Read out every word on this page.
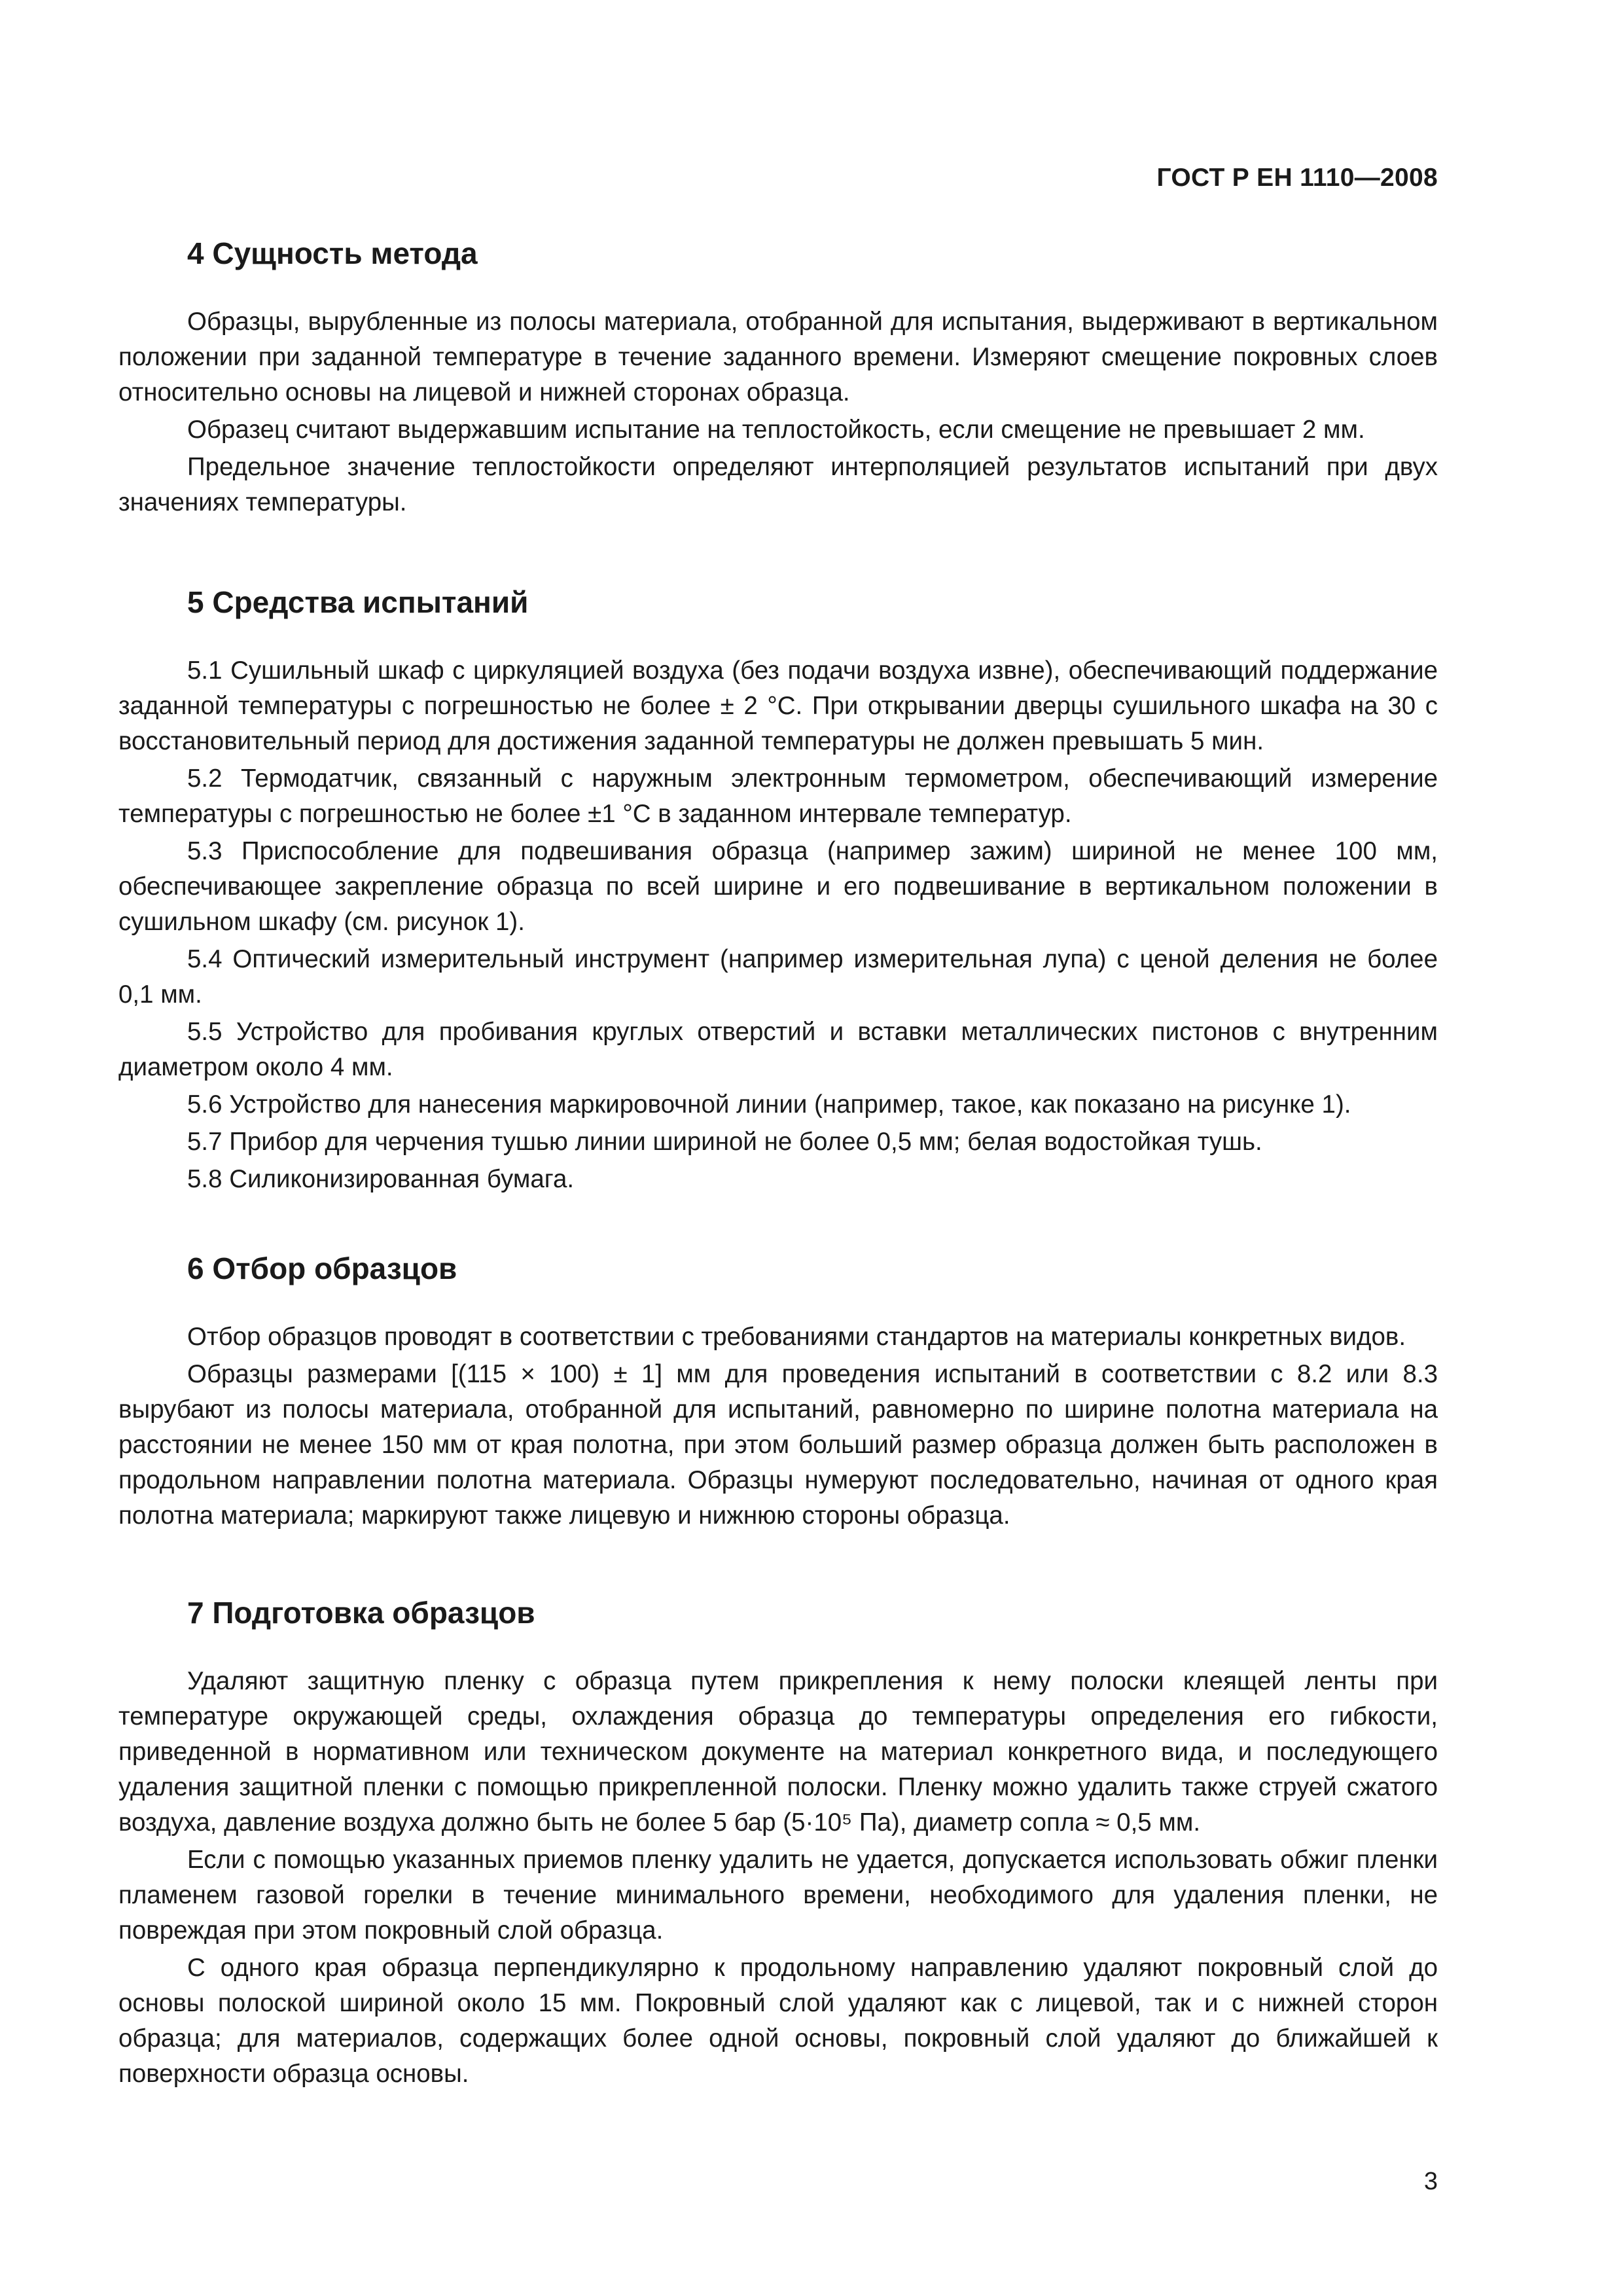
ГОСТ Р ЕН 1110—2008
4 Сущность метода

Образцы, вырубленные из полосы материала, отобранной для испытания, выдерживают в вертикальном положении при заданной температуре в течение заданного времени. Измеряют смещение покровных слоев относительно основы на лицевой и нижней сторонах образца.

Образец считают выдержавшим испытание на теплостойкость, если смещение не превышает 2 мм.

Предельное значение теплостойкости определяют интерполяцией результатов испытаний при двух значениях температуры.

5 Средства испытаний

5.1 Сушильный шкаф с циркуляцией воздуха (без подачи воздуха извне), обеспечивающий поддержание заданной температуры с погрешностью не более ± 2 °С. При открывании дверцы сушильного шкафа на 30 с восстановительный период для достижения заданной температуры не должен превышать 5 мин.

5.2 Термодатчик, связанный с наружным электронным термометром, обеспечивающий измерение температуры с погрешностью не более ±1 °С в заданном интервале температур.

5.3 Приспособление для подвешивания образца (например зажим) шириной не менее 100 мм, обеспечивающее закрепление образца по всей ширине и его подвешивание в вертикальном положении в сушильном шкафу (см. рисунок 1).

5.4 Оптический измерительный инструмент (например измерительная лупа) с ценой деления не более 0,1 мм.

5.5 Устройство для пробивания круглых отверстий и вставки металлических пистонов с внутренним диаметром около 4 мм.

5.6 Устройство для нанесения маркировочной линии (например, такое, как показано на рисунке 1).

5.7 Прибор для черчения тушью линии шириной не более 0,5 мм; белая водостойкая тушь.

5.8 Силиконизированная бумага.

6 Отбор образцов

Отбор образцов проводят в соответствии с требованиями стандартов на материалы конкретных видов.

Образцы размерами [(115 × 100) ± 1] мм для проведения испытаний в соответствии с 8.2 или 8.3 вырубают из полосы материала, отобранной для испытаний, равномерно по ширине полотна материала на расстоянии не менее 150 мм от края полотна, при этом больший размер образца должен быть расположен в продольном направлении полотна материала. Образцы нумеруют последовательно, начиная от одного края полотна материала; маркируют также лицевую и нижнюю стороны образца.

7 Подготовка образцов

Удаляют защитную пленку с образца путем прикрепления к нему полоски клеящей ленты при температуре окружающей среды, охлаждения образца до температуры определения его гибкости, приведенной в нормативном или техническом документе на материал конкретного вида, и последующего удаления защитной пленки с помощью прикрепленной полоски. Пленку можно удалить также струей сжатого воздуха, давление воздуха должно быть не более 5 бар (5·10⁵ Па), диаметр сопла ≈ 0,5 мм.

Если с помощью указанных приемов пленку удалить не удается, допускается использовать обжиг пленки пламенем газовой горелки в течение минимального времени, необходимого для удаления пленки, не повреждая при этом покровный слой образца.

С одного края образца перпендикулярно к продольному направлению удаляют покровный слой до основы полоской шириной около 15 мм. Покровный слой удаляют как с лицевой, так и с нижней сторон образца; для материалов, содержащих более одной основы, покровный слой удаляют до ближайшей к поверхности образца основы.

3
